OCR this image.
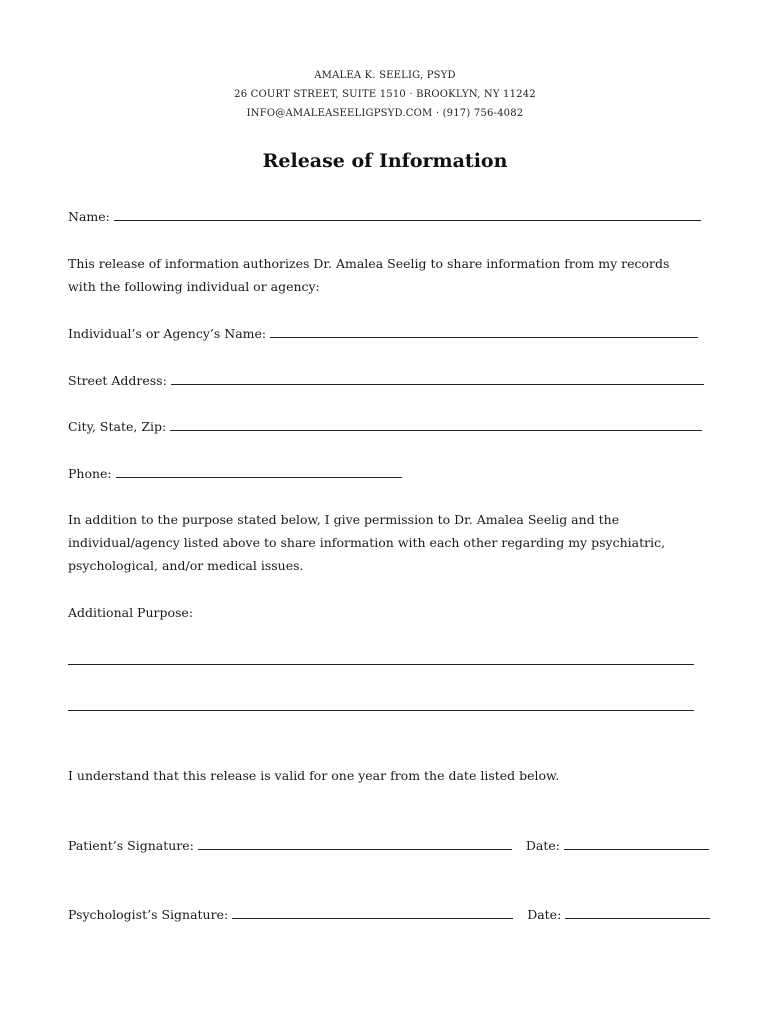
AMALEA K. SEELIG, PSYD
26 COURT STREET, SUITE 1510 · BROOKLYN, NY 11242
INFO@AMALEASEELIGPSYD.COM · (917) 756-4082
Release of Information
Name:
This release of information authorizes Dr. Amalea Seelig to share information from my records with the following individual or agency:
Individual’s or Agency’s Name:
Street Address:
City, State, Zip:
Phone:
In addition to the purpose stated below, I give permission to Dr. Amalea Seelig and the individual/agency listed above to share information with each other regarding my psychiatric, psychological, and/or medical issues.
Additional Purpose:
I understand that this release is valid for one year from the date listed below.
Patient’s Signature:	Date:
Psychologist’s Signature:	Date:
